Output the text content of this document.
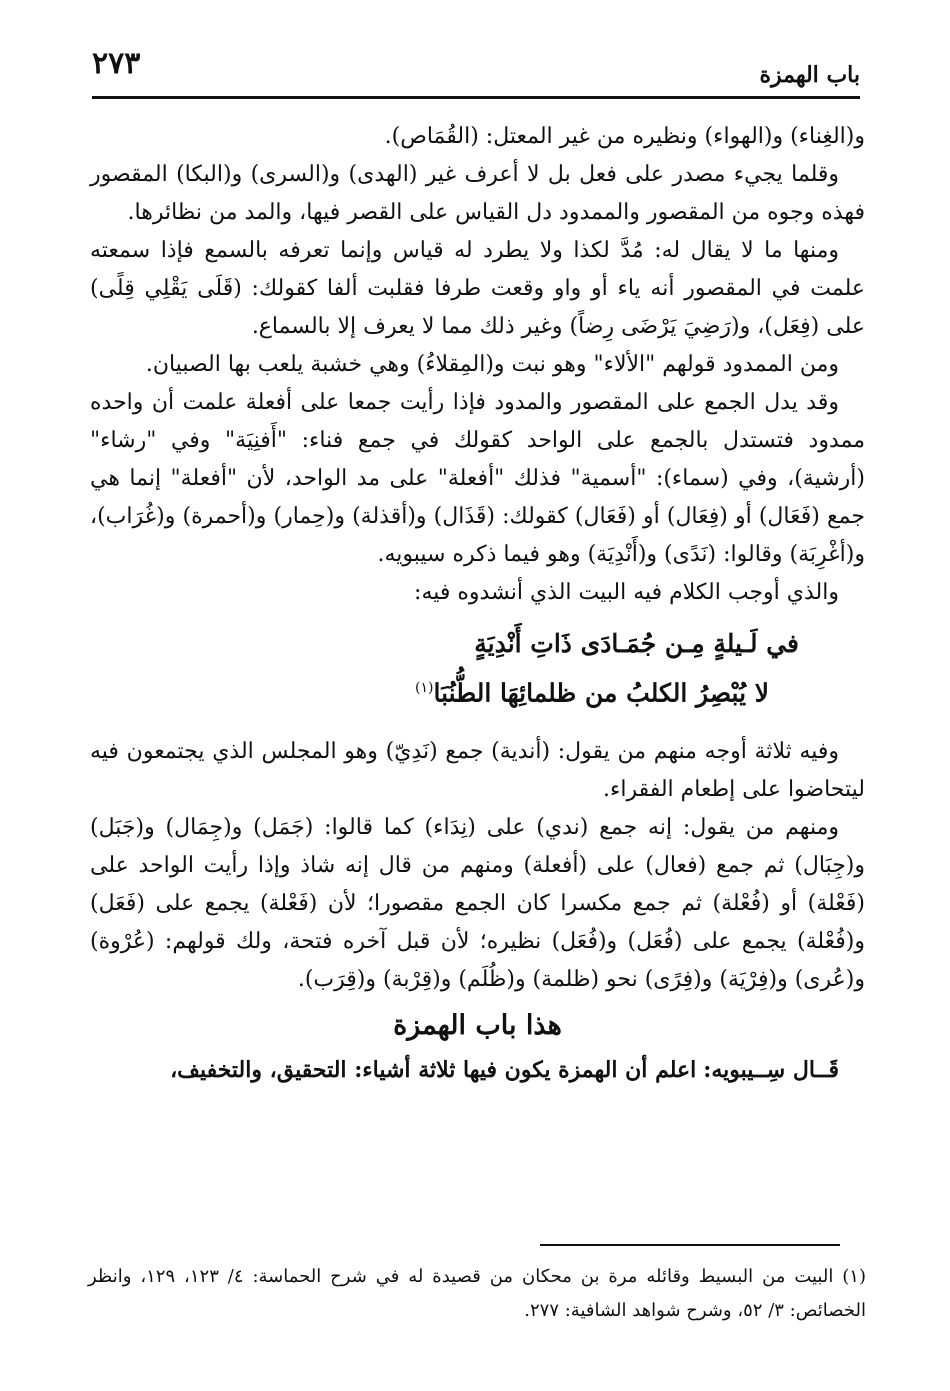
٢٧٣	باب الهمزة

و(الغِناء) و(الهواء) ونظيره من غير المعتل: (القُمَاص).

وقلما يجيء مصدر على فعل بل لا أعرف غير (الهدى) و(السرى) و(البكا) المقصور فهذه وجوه من المقصور والممدود دل القياس على القصر فيها، والمد من نظائرها.

ومنها ما لا يقال له: مُدَّ لكذا ولا يطرد له قياس وإنما تعرفه بالسمع فإذا سمعته علمت في المقصور أنه ياء أو واو وقعت طرفا فقلبت ألفا كقولك: (قَلَى يَقْلِي قِلًى) على (فِعَل)، و(رَضِيَ يَرْضَى رِضاً) وغير ذلك مما لا يعرف إلا بالسماع.

ومن الممدود قولهم "الألاء" وهو نبت و(المِقلاءُ) وهي خشبة يلعب بها الصبيان.

وقد يدل الجمع على المقصور والمدود فإذا رأيت جمعا على أفعلة علمت أن واحده ممدود فتستدل بالجمع على الواحد كقولك في جمع فناء: "أَفنِيَة" وفي "رشاء" (أرشية)، وفي (سماء): "أسمية" فذلك "أفعلة" على مد الواحد، لأن "أفعلة" إنما هي جمع (فَعَال) أو (فِعَال) أو (فَعَال) كقولك: (قَذَال) و(أقذلة) و(حِمار) و(أحمرة) و(غُرَاب)، و(أغْرِبَة) وقالوا: (نَدًى) و(أَنْدِيَة) وهو فيما ذكره سيبويه.

والذي أوجب الكلام فيه البيت الذي أنشدوه فيه:

في لَـيلةٍ مِـن جُمَـادَى ذَاتِ أَنْدِيَةٍ

لا يُبْصِرُ الكلبُ من ظلمائِهَا الطُّنُبَا$^{(١)}$

وفيه ثلاثة أوجه منهم من يقول: (أندية) جمع (نَدِيّ) وهو المجلس الذي يجتمعون فيه ليتحاضوا على إطعام الفقراء.

ومنهم من يقول: إنه جمع (ندي) على (نِدَاء) كما قالوا: (جَمَل) و(جِمَال) و(جَبَل) و(جِبَال) ثم جمع (فعال) على (أفعلة) ومنهم من قال إنه شاذ وإذا رأيت الواحد على (فَعْلة) أو (فُعْلة) ثم جمع مكسرا كان الجمع مقصورا؛ لأن (فَعْلة) يجمع على (فَعَل) و(فُعْلة) يجمع على (فُعَل) و(فُعَل) نظيره؛ لأن قبل آخره فتحة، ولك قولهم: (عُرْوة) و(عُرى) و(فِرْيَة) و(فِرًى) نحو (ظلمة) و(ظُلَم) و(قِرْبة) و(قِرَب).

هذا باب الهمزة

قَــال سِــيبويه: اعلم أن الهمزة يكون فيها ثلاثة أشياء: التحقيق، والتخفيف،

(١) البيت من البسيط وقائله مرة بن محكان من قصيدة له في شرح الحماسة: ٤/ ١٢٣، ١٢٩، وانظر الخصائص: ٣/ ٥٢، وشرح شواهد الشافية: ٢٧٧.
